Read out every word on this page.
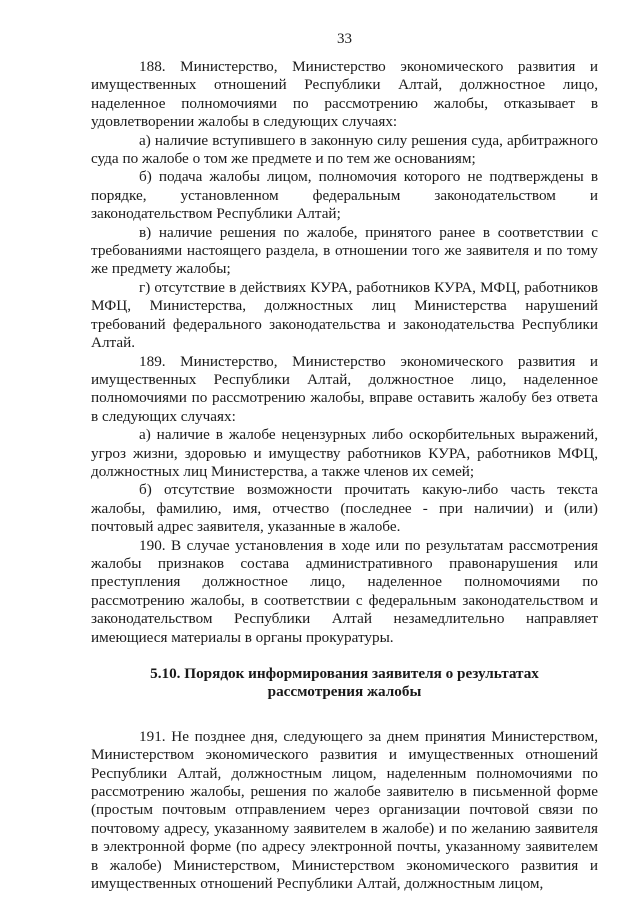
33

188. Министерство, Министерство экономического развития и имущественных отношений Республики Алтай, должностное лицо, наделенное полномочиями по рассмотрению жалобы, отказывает в удовлетворении жалобы в следующих случаях:

а) наличие вступившего в законную силу решения суда, арбитражного суда по жалобе о том же предмете и по тем же основаниям;

б) подача жалобы лицом, полномочия которого не подтверждены в порядке, установленном федеральным законодательством и законодательством Республики Алтай;

в) наличие решения по жалобе, принятого ранее в соответствии с требованиями настоящего раздела, в отношении того же заявителя и по тому же предмету жалобы;

г) отсутствие в действиях КУРА, работников КУРА, МФЦ, работников МФЦ, Министерства, должностных лиц Министерства нарушений требований федерального законодательства и законодательства Республики Алтай.

189. Министерство, Министерство экономического развития и имущественных Республики Алтай, должностное лицо, наделенное полномочиями по рассмотрению жалобы, вправе оставить жалобу без ответа в следующих случаях:

а) наличие в жалобе нецензурных либо оскорбительных выражений, угроз жизни, здоровью и имуществу работников КУРА, работников МФЦ, должностных лиц Министерства, а также членов их семей;

б) отсутствие возможности прочитать какую-либо часть текста жалобы, фамилию, имя, отчество (последнее - при наличии) и (или) почтовый адрес заявителя, указанные в жалобе.

190. В случае установления в ходе или по результатам рассмотрения жалобы признаков состава административного правонарушения или преступления должностное лицо, наделенное полномочиями по рассмотрению жалобы, в соответствии с федеральным законодательством и законодательством Республики Алтай незамедлительно направляет имеющиеся материалы в органы прокуратуры.

5.10. Порядок информирования заявителя о результатах рассмотрения жалобы

191. Не позднее дня, следующего за днем принятия Министерством, Министерством экономического развития и имущественных отношений Республики Алтай, должностным лицом, наделенным полномочиями по рассмотрению жалобы, решения по жалобе заявителю в письменной форме (простым почтовым отправлением через организации почтовой связи по почтовому адресу, указанному заявителем в жалобе) и по желанию заявителя в электронной форме (по адресу электронной почты, указанному заявителем в жалобе) Министерством, Министерством экономического развития и имущественных отношений Республики Алтай, должностным лицом,
